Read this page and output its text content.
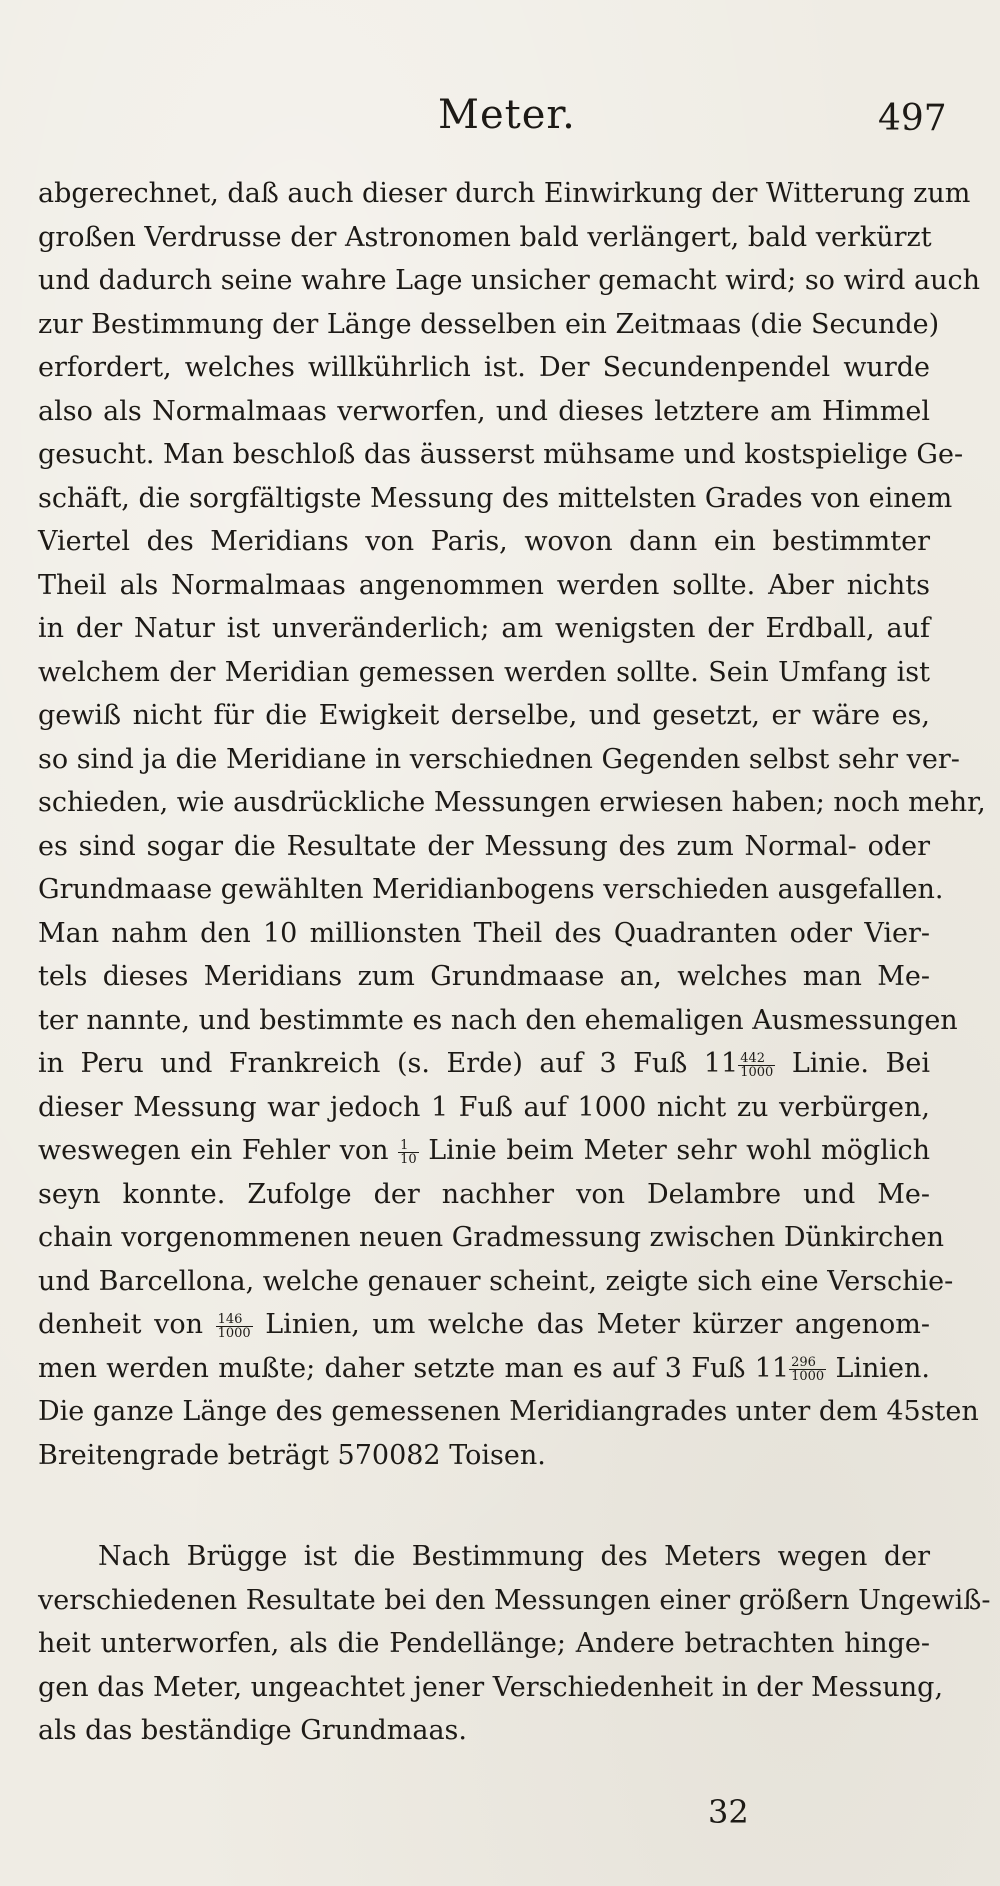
Meter.	497
abgerechnet, daß auch dieser durch Einwirkung der Witterung zum
großen Verdrusse der Astronomen bald verlängert, bald verkürzt
und dadurch seine wahre Lage unsicher gemacht wird; so wird auch
zur Bestimmung der Länge desselben ein Zeitmaas (die Secunde)
erfordert, welches willkührlich ist. Der Secundenpendel wurde
also als Normalmaas verworfen, und dieses letztere am Himmel
gesucht. Man beschloß das äusserst mühsame und kostspielige Ge-
schäft, die sorgfältigste Messung des mittelsten Grades von einem
Viertel des Meridians von Paris, wovon dann ein bestimmter
Theil als Normalmaas angenommen werden sollte. Aber nichts
in der Natur ist unveränderlich; am wenigsten der Erdball, auf
welchem der Meridian gemessen werden sollte. Sein Umfang ist
gewiß nicht für die Ewigkeit derselbe, und gesetzt, er wäre es,
so sind ja die Meridiane in verschiednen Gegenden selbst sehr ver-
schieden, wie ausdrückliche Messungen erwiesen haben; noch mehr,
es sind sogar die Resultate der Messung des zum Normal- oder
Grundmaase gewählten Meridianbogens verschieden ausgefallen.
Man nahm den 10 millionsten Theil des Quadranten oder Vier-
tels dieses Meridians zum Grundmaase an, welches man Me-
ter nannte, und bestimmte es nach den ehemaligen Ausmessungen
in Peru und Frankreich (s. Erde) auf 3 Fuß $11 \frac{442}{1000}$ Linie. Bei
dieser Messung war jedoch 1 Fuß auf 1000 nicht zu verbürgen,
weswegen ein Fehler von $\frac{1}{10}$ Linie beim Meter sehr wohl möglich
seyn konnte. Zufolge der nachher von Delambre und Me-
chain vorgenommenen neuen Gradmessung zwischen Dünkirchen
und Barcellona, welche genauer scheint, zeigte sich eine Verschie-
denheit von $\frac{146}{1000}$ Linien, um welche das Meter kürzer angenom-
men werden mußte; daher setzte man es auf 3 Fuß $11 \frac{296}{1000}$ Linien.
Die ganze Länge des gemessenen Meridiangrades unter dem 45sten
Breitengrade beträgt 570082 Toisen.
Nach Brügge ist die Bestimmung des Meters wegen der
verschiedenen Resultate bei den Messungen einer größern Ungewiß-
heit unterworfen, als die Pendellänge; Andere betrachten hinge-
gen das Meter, ungeachtet jener Verschiedenheit in der Messung,
als das beständige Grundmaas.
32
